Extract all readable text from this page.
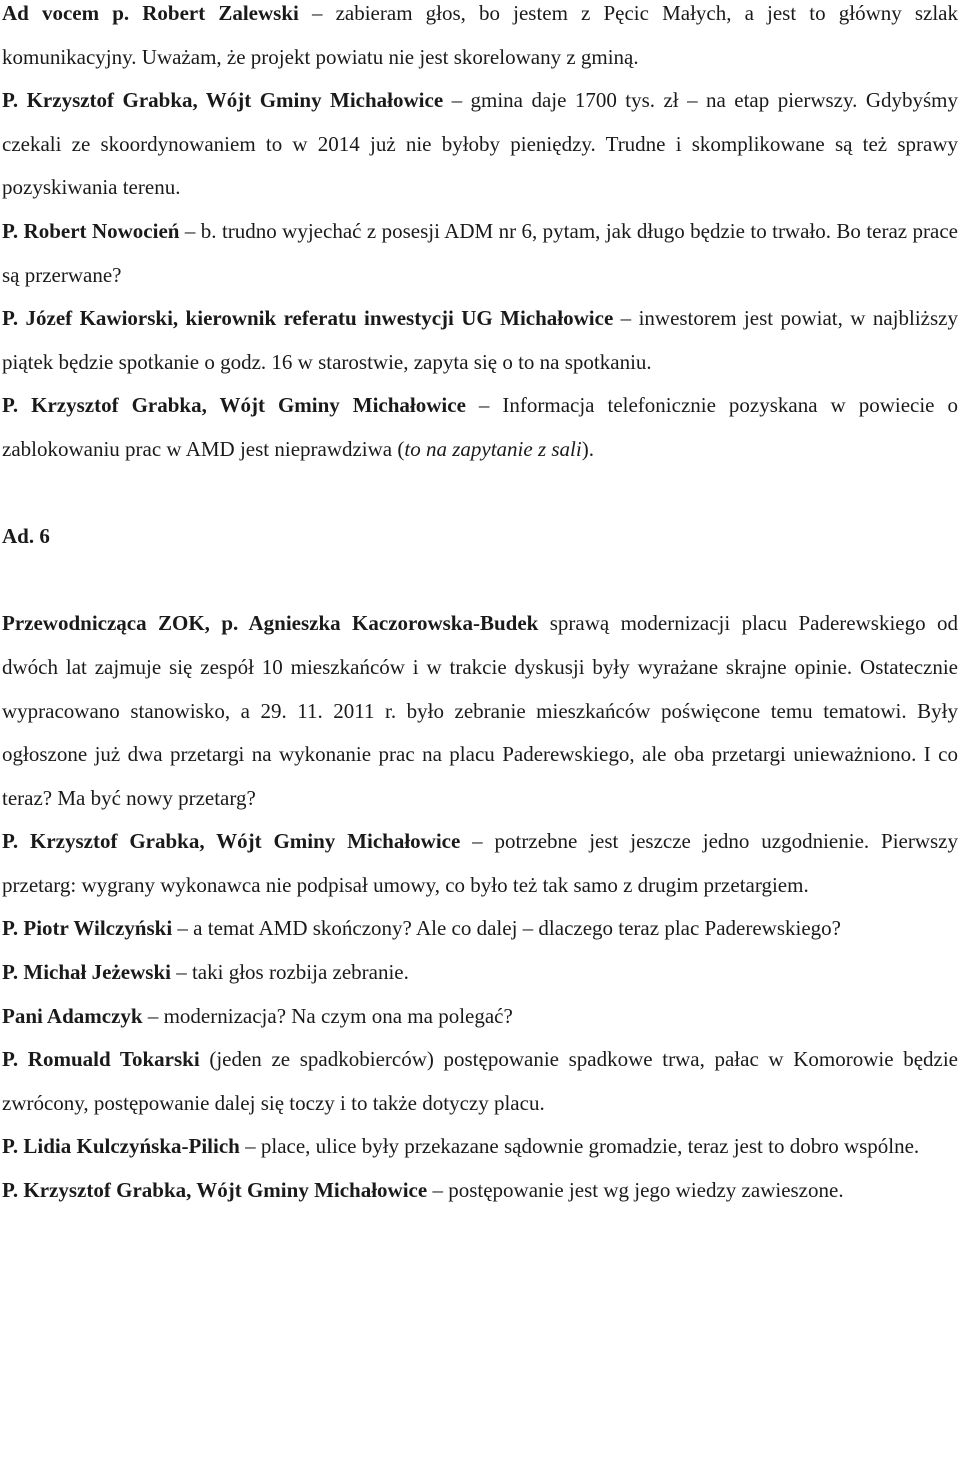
Ad vocem p. Robert Zalewski – zabieram głos, bo jestem z Pęcic Małych, a jest to główny szlak komunikacyjny. Uważam, że projekt powiatu nie jest skorelowany z gminą.

P. Krzysztof Grabka, Wójt Gminy Michałowice – gmina daje 1700 tys. zł – na etap pierwszy. Gdybyśmy czekali ze skoordynowaniem to w 2014 już nie byłoby pieniędzy. Trudne i skomplikowane są też sprawy pozyskiwania terenu.

P. Robert Nowocień – b. trudno wyjechać z posesji ADM nr 6, pytam, jak długo będzie to trwało. Bo teraz prace są przerwane?

P. Józef Kawiorski, kierownik referatu inwestycji UG Michałowice – inwestorem jest powiat, w najbliższy piątek będzie spotkanie o godz. 16 w starostwie, zapyta się o to na spotkaniu.

P. Krzysztof Grabka, Wójt Gminy Michałowice – Informacja telefonicznie pozyskana w powiecie o zablokowaniu prac w AMD jest nieprawdziwa (to na zapytanie z sali).

Ad. 6

Przewodnicząca ZOK, p. Agnieszka Kaczorowska-Budek sprawą modernizacji placu Paderewskiego od dwóch lat zajmuje się zespół 10 mieszkańców i w trakcie dyskusji były wyrażane skrajne opinie. Ostatecznie wypracowano stanowisko, a 29. 11. 2011 r. było zebranie mieszkańców poświęcone temu tematowi. Były ogłoszone już dwa przetargi na wykonanie prac na placu Paderewskiego, ale oba przetargi unieważniono. I co teraz? Ma być nowy przetarg?

P. Krzysztof Grabka, Wójt Gminy Michałowice – potrzebne jest jeszcze jedno uzgodnienie. Pierwszy przetarg: wygrany wykonawca nie podpisał umowy, co było też tak samo z drugim przetargiem.

P. Piotr Wilczyński – a temat AMD skończony? Ale co dalej – dlaczego teraz plac Paderewskiego?

P. Michał Jeżewski – taki głos rozbija zebranie.

Pani Adamczyk – modernizacja? Na czym ona ma polegać?

P. Romuald Tokarski (jeden ze spadkobierców) postępowanie spadkowe trwa, pałac w Komorowie będzie zwrócony, postępowanie dalej się toczy i to także dotyczy placu.

P. Lidia Kulczyńska-Pilich – place, ulice były przekazane sądownie gromadzie, teraz jest to dobro wspólne.

P. Krzysztof Grabka, Wójt Gminy Michałowice – postępowanie jest wg jego wiedzy zawieszone.
